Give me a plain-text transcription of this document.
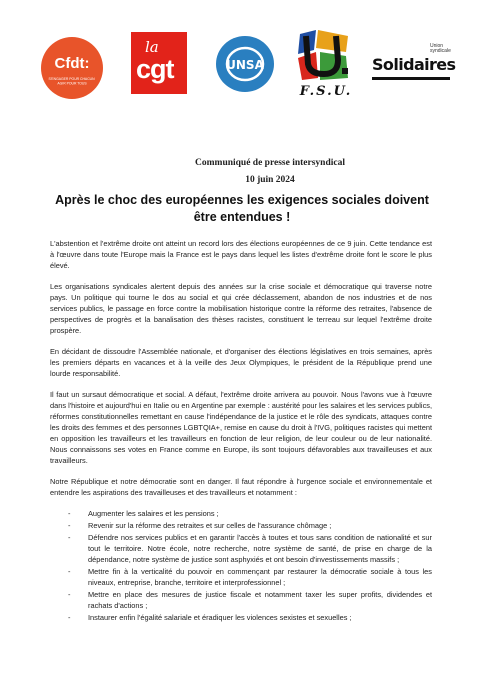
Cfdt:
S'ENGAGER POUR CHACUN AGIR POUR TOUS
la
cgt	UNSA
F.S.U.
Union syndicale
Solidaires
Communiqué de presse intersyndical
10 juin 2024
Après le choc des européennes les exigences sociales doivent être entendues !

L'abstention et l'extrême droite ont atteint un record lors des élections européennes de ce 9 juin. Cette tendance est à l'œuvre dans toute l'Europe mais la France est le pays dans lequel les listes d'extrême droite font le score le plus élevé.

Les organisations syndicales alertent depuis des années sur la crise sociale et démocratique qui traverse notre pays. Un politique qui tourne le dos au social et qui crée déclassement, abandon de nos industries et de nos services publics, le passage en force contre la mobilisation historique contre la réforme des retraites, l'absence de perspectives de progrès et la banalisation des thèses racistes, constituent le terreau sur lequel l'extrême droite prospère.

En décidant de dissoudre l'Assemblée nationale, et d'organiser des élections législatives en trois semaines, après les premiers départs en vacances et à la veille des Jeux Olympiques, le président de la République prend une lourde responsabilité.

Il faut un sursaut démocratique et social. A défaut, l'extrême droite arrivera au pouvoir. Nous l'avons vue à l'œuvre dans l'histoire et aujourd'hui en Italie ou en Argentine par exemple : austérité pour les salaires et les services publics, réformes constitutionnelles remettant en cause l'indépendance de la justice et le rôle des syndicats, attaques contre les droits des femmes et des personnes LGBTQIA+, remise en cause du droit à l'IVG, politiques racistes qui mettent en opposition les travailleurs et les travailleurs en fonction de leur religion, de leur couleur ou de leur nationalité. Nous connaissons ses votes en France comme en Europe, ils sont toujours défavorables aux travailleuses et aux travailleurs.

Notre République et notre démocratie sont en danger. Il faut répondre à l'urgence sociale et environnementale et entendre les aspirations des travailleuses et des travailleurs et notamment :

- Augmenter les salaires et les pensions ;
- Revenir sur la réforme des retraites et sur celles de l'assurance chômage ;
- Défendre nos services publics et en garantir l'accès à toutes et tous sans condition de nationalité et sur tout le territoire. Notre école, notre recherche, notre système de santé, de prise en charge de la dépendance, notre système de justice sont asphyxiés et ont besoin d'investissements massifs ;
- Mettre fin à la verticalité du pouvoir en commençant par restaurer la démocratie sociale à tous les niveaux, entreprise, branche, territoire et interprofessionnel ;
- Mettre en place des mesures de justice fiscale et notamment taxer les super profits, dividendes et rachats d'actions ;
- Instaurer enfin l'égalité salariale et éradiquer les violences sexistes et sexuelles ;
